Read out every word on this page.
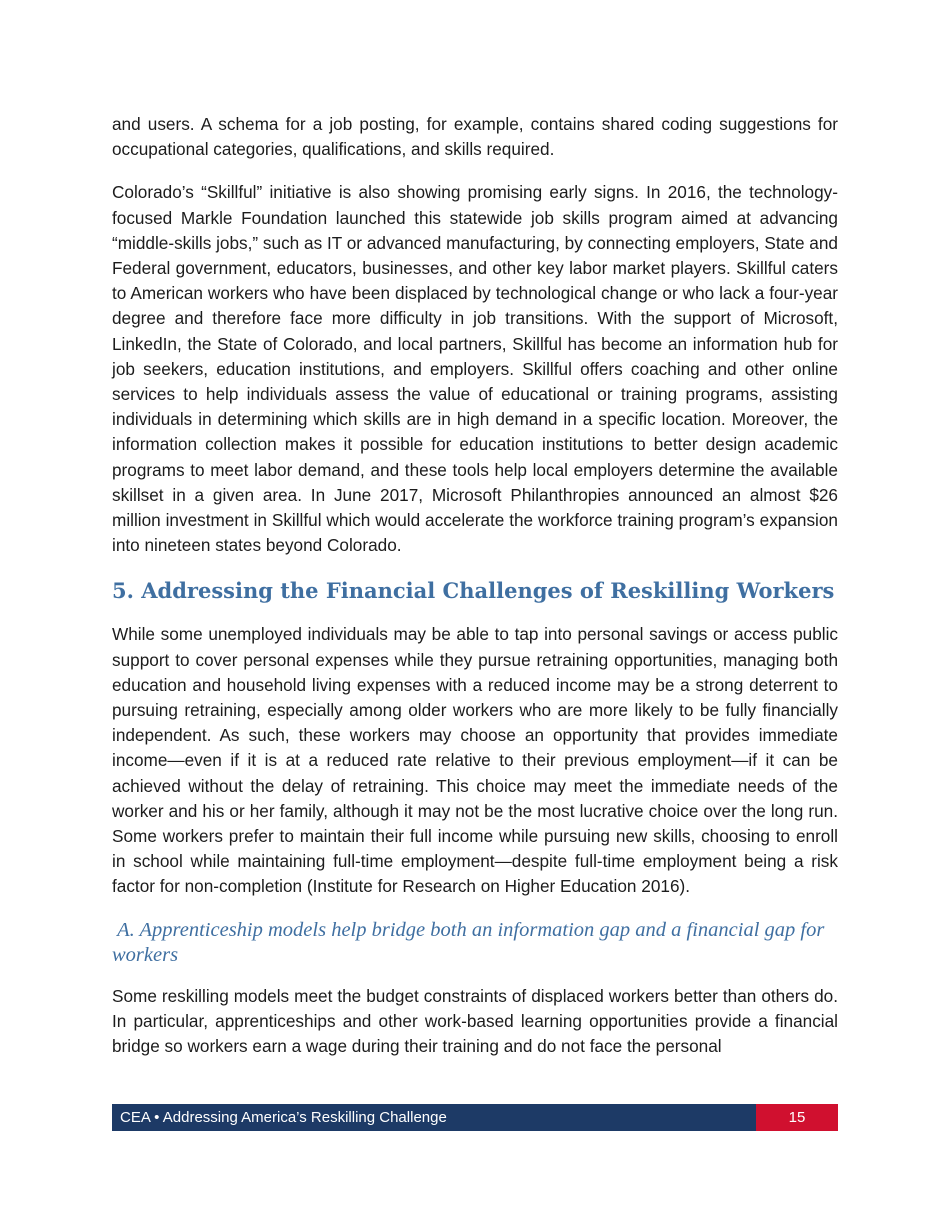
and users. A schema for a job posting, for example, contains shared coding suggestions for occupational categories, qualifications, and skills required.

Colorado’s “Skillful” initiative is also showing promising early signs. In 2016, the technology-focused Markle Foundation launched this statewide job skills program aimed at advancing “middle-skills jobs,” such as IT or advanced manufacturing, by connecting employers, State and Federal government, educators, businesses, and other key labor market players. Skillful caters to American workers who have been displaced by technological change or who lack a four-year degree and therefore face more difficulty in job transitions. With the support of Microsoft, LinkedIn, the State of Colorado, and local partners, Skillful has become an information hub for job seekers, education institutions, and employers. Skillful offers coaching and other online services to help individuals assess the value of educational or training programs, assisting individuals in determining which skills are in high demand in a specific location. Moreover, the information collection makes it possible for education institutions to better design academic programs to meet labor demand, and these tools help local employers determine the available skillset in a given area. In June 2017, Microsoft Philanthropies announced an almost $26 million investment in Skillful which would accelerate the workforce training program’s expansion into nineteen states beyond Colorado.

5. Addressing the Financial Challenges of Reskilling Workers

While some unemployed individuals may be able to tap into personal savings or access public support to cover personal expenses while they pursue retraining opportunities, managing both education and household living expenses with a reduced income may be a strong deterrent to pursuing retraining, especially among older workers who are more likely to be fully financially independent. As such, these workers may choose an opportunity that provides immediate income—even if it is at a reduced rate relative to their previous employment—if it can be achieved without the delay of retraining. This choice may meet the immediate needs of the worker and his or her family, although it may not be the most lucrative choice over the long run. Some workers prefer to maintain their full income while pursuing new skills, choosing to enroll in school while maintaining full-time employment—despite full-time employment being a risk factor for non-completion (Institute for Research on Higher Education 2016).

A. Apprenticeship models help bridge both an information gap and a financial gap for workers

Some reskilling models meet the budget constraints of displaced workers better than others do. In particular, apprenticeships and other work-based learning opportunities provide a financial bridge so workers earn a wage during their training and do not face the personal

CEA • Addressing America’s Reskilling Challenge	15
